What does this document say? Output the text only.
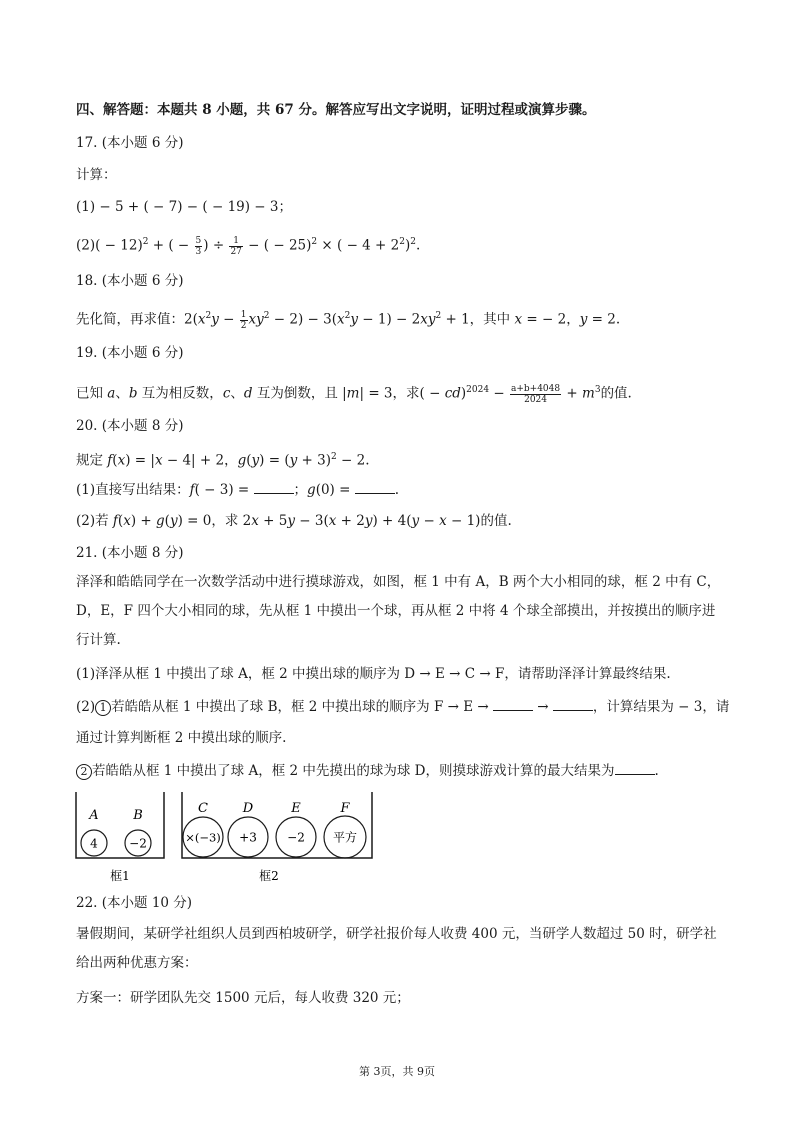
四、解答题：本题共 8 小题，共 67 分。解答应写出文字说明，证明过程或演算步骤。
17. (本小题 6 分)
计算：
(1) − 5 + ( − 7) − ( − 19) − 3；
$(2)( - 12)^2$ + ( − $\frac{5}{3}$ ) ÷ $\frac{1}{27}$ − ( − 25)$^2$ × ( − $4 + 2^2)^2$.
18. (本小题 6 分)
先化简，再求值：$2(x^2y - \frac{1}{2} xy^2 - 2) - 3(x^2y - 1) - 2xy^2 + 1$，其中 x = − 2，y = 2.
19. (本小题 6 分)
已知 a、b 互为相反数，c、d 互为倒数，且 |m| = 3，求( − $cd)^{2024} - \frac{a+b+4048}{2024} + m^3$的值.
20. (本小题 8 分)
规定 f(x) = |x − 4| + 2，$g(y) = (y + 3)^2 - 2$.
(1)直接写出结果：f( − 3) =	；g(0) =	.
(2)若 f(x) + g(y) = 0，求 2x + 5y − 3(x + 2y) + 4(y − x − 1)的值.
21. (本小题 8 分)
泽泽和皓皓同学在一次数学活动中进行摸球游戏，如图，框 1 中有 A，B 两个大小相同的球，框 2 中有 C，D，E，F 四个大小相同的球，先从框 1 中摸出一个球，再从框 2 中将 4 个球全部摸出，并按摸出的顺序进行计算.
(1)泽泽从框 1 中摸出了球 A，框 2 中摸出球的顺序为 D → E → C → F，请帮助泽泽计算最终结果.
(2) 1 若皓皓从框 1 中摸出了球 B，框 2 中摸出球的顺序为 F → E →	→	，计算结果为 − 3，请
通过计算判断框 2 中摸出球的顺序.
2 若皓皓从框 1 中摸出了球 A，框 2 中先摸出的球为球 D，则摸球游戏计算的最大结果为	.
A
4
B
−2
框1
C
×(−3)
D
+3
E
−2
F
平方
框2
22. (本小题 10 分)
暑假期间，某研学社组织人员到西柏坡研学，研学社报价每人收费 400 元，当研学人数超过 50 时，研学社给出两种优惠方案：
方案一：研学团队先交 1500 元后，每人收费 320 元；
第 3页，共 9页
